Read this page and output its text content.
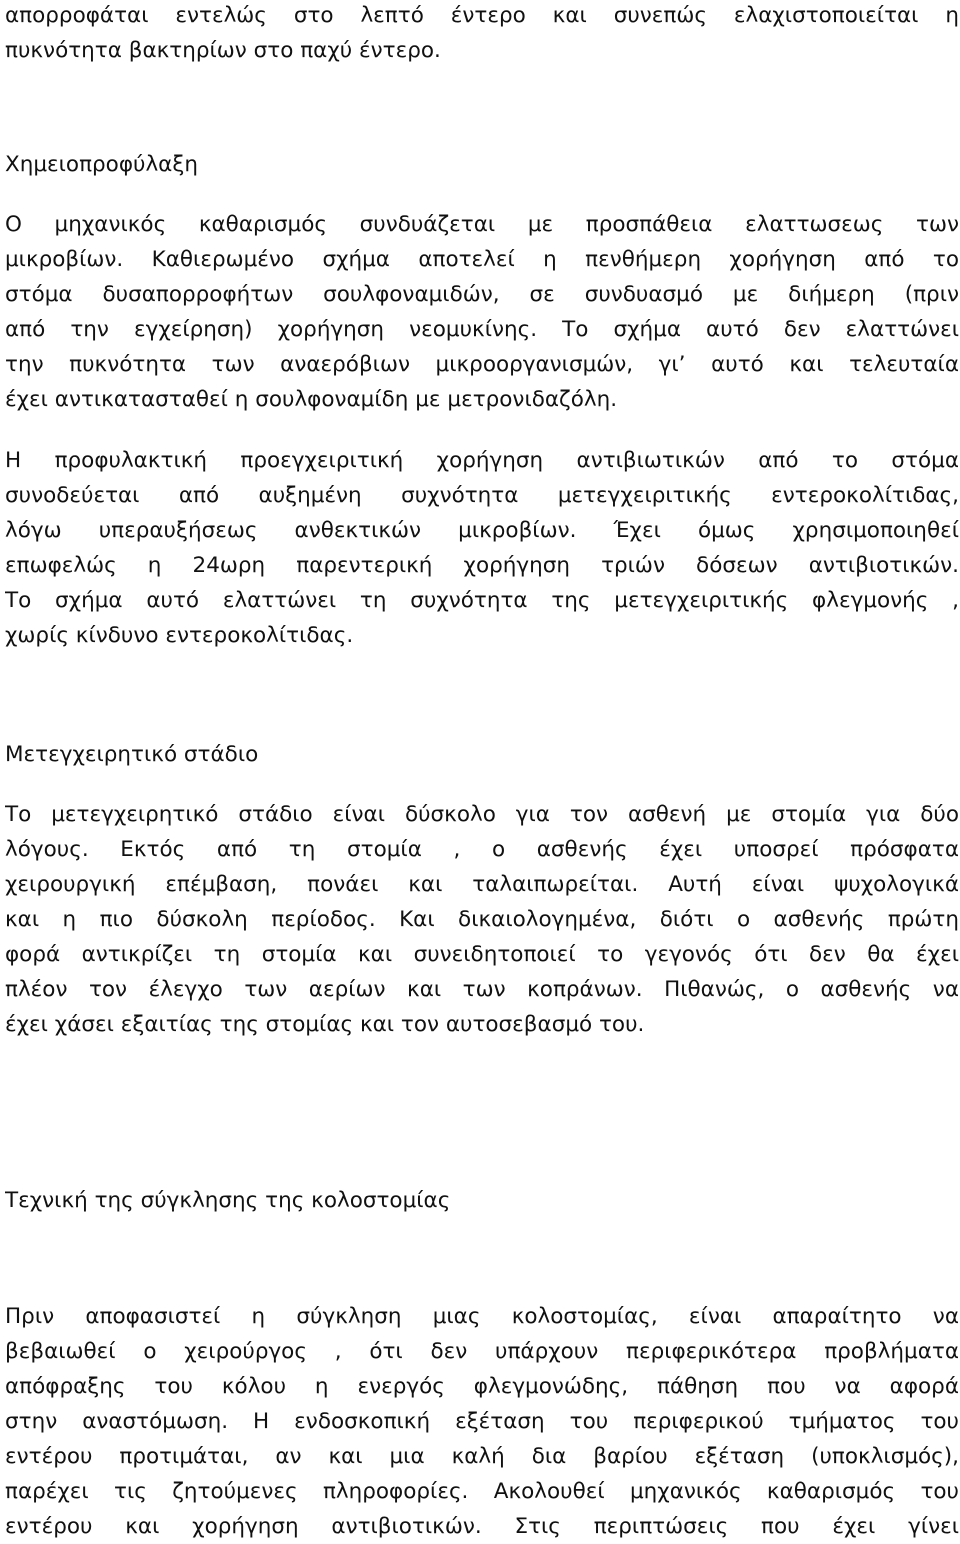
απορροφάται εντελώς στο λεπτό έντερο και συνεπώς ελαχιστοποιείται η
πυκνότητα βακτηρίων στο παχύ έντερο.
Χημειοπροφύλαξη
Ο μηχανικός καθαρισμός συνδυάζεται με προσπάθεια ελαττωσεως των
μικροβίων. Καθιερωμένο σχήμα αποτελεί η πενθήμερη χορήγηση από το
στόμα δυσαπορροφήτων σουλφοναμιδών, σε συνδυασμό με διήμερη (πριν
από την εγχείρηση) χορήγηση νεομυκίνης. Το σχήμα αυτό δεν ελαττώνει
την πυκνότητα των αναερόβιων μικροοργανισμών, γι’ αυτό και τελευταία
έχει αντικατασταθεί η σουλφοναμίδη με μετρονιδαζόλη.
Η προφυλακτική προεγχειριτική χορήγηση αντιβιωτικών από το στόμα
συνοδεύεται από αυξημένη συχνότητα μετεγχειριτικής εντεροκολίτιδας,
λόγω υπεραυξήσεως ανθεκτικών μικροβίων. Έχει όμως χρησιμοποιηθεί
επωφελώς η 24ωρη παρεντερική χορήγηση τριών δόσεων αντιβιοτικών.
Το σχήμα αυτό ελαττώνει τη συχνότητα της μετεγχειριτικής φλεγμονής ,
χωρίς κίνδυνο εντεροκολίτιδας.
Μετεγχειρητικό στάδιο
Το μετεγχειρητικό στάδιο είναι δύσκολο για τον ασθενή με στομία για δύο
λόγους. Εκτός από τη στομία , ο ασθενής έχει υποσρεί πρόσφατα
χειρουργική επέμβαση, πονάει και ταλαιπωρείται. Αυτή είναι ψυχολογικά
και η πιο δύσκολη περίοδος. Και δικαιολογημένα, διότι ο ασθενής πρώτη
φορά αντικρίζει τη στομία και συνειδητοποιεί το γεγονός ότι δεν θα έχει
πλέον τον έλεγχο των αερίων και των κοπράνων. Πιθανώς, ο ασθενής να
έχει χάσει εξαιτίας της στομίας και τον αυτοσεβασμό του.
Τεχνική της σύγκλησης της κολοστομίας
Πριν αποφασιστεί η σύγκληση μιας κολοστομίας, είναι απαραίτητο να
βεβαιωθεί ο χειρούργος , ότι δεν υπάρχουν περιφερικότερα προβλήματα
απόφραξης του κόλου η ενεργός φλεγμονώδης, πάθηση που να αφορά
στην αναστόμωση. Η ενδοσκοπική εξέταση του περιφερικού τμήματος του
εντέρου προτιμάται, αν και μια καλή δια βαρίου εξέταση (υποκλισμός),
παρέχει τις ζητούμενες πληροφορίες. Ακολουθεί μηχανικός καθαρισμός του
εντέρου και χορήγηση αντιβιοτικών. Στις περιπτώσεις που έχει γίνει
